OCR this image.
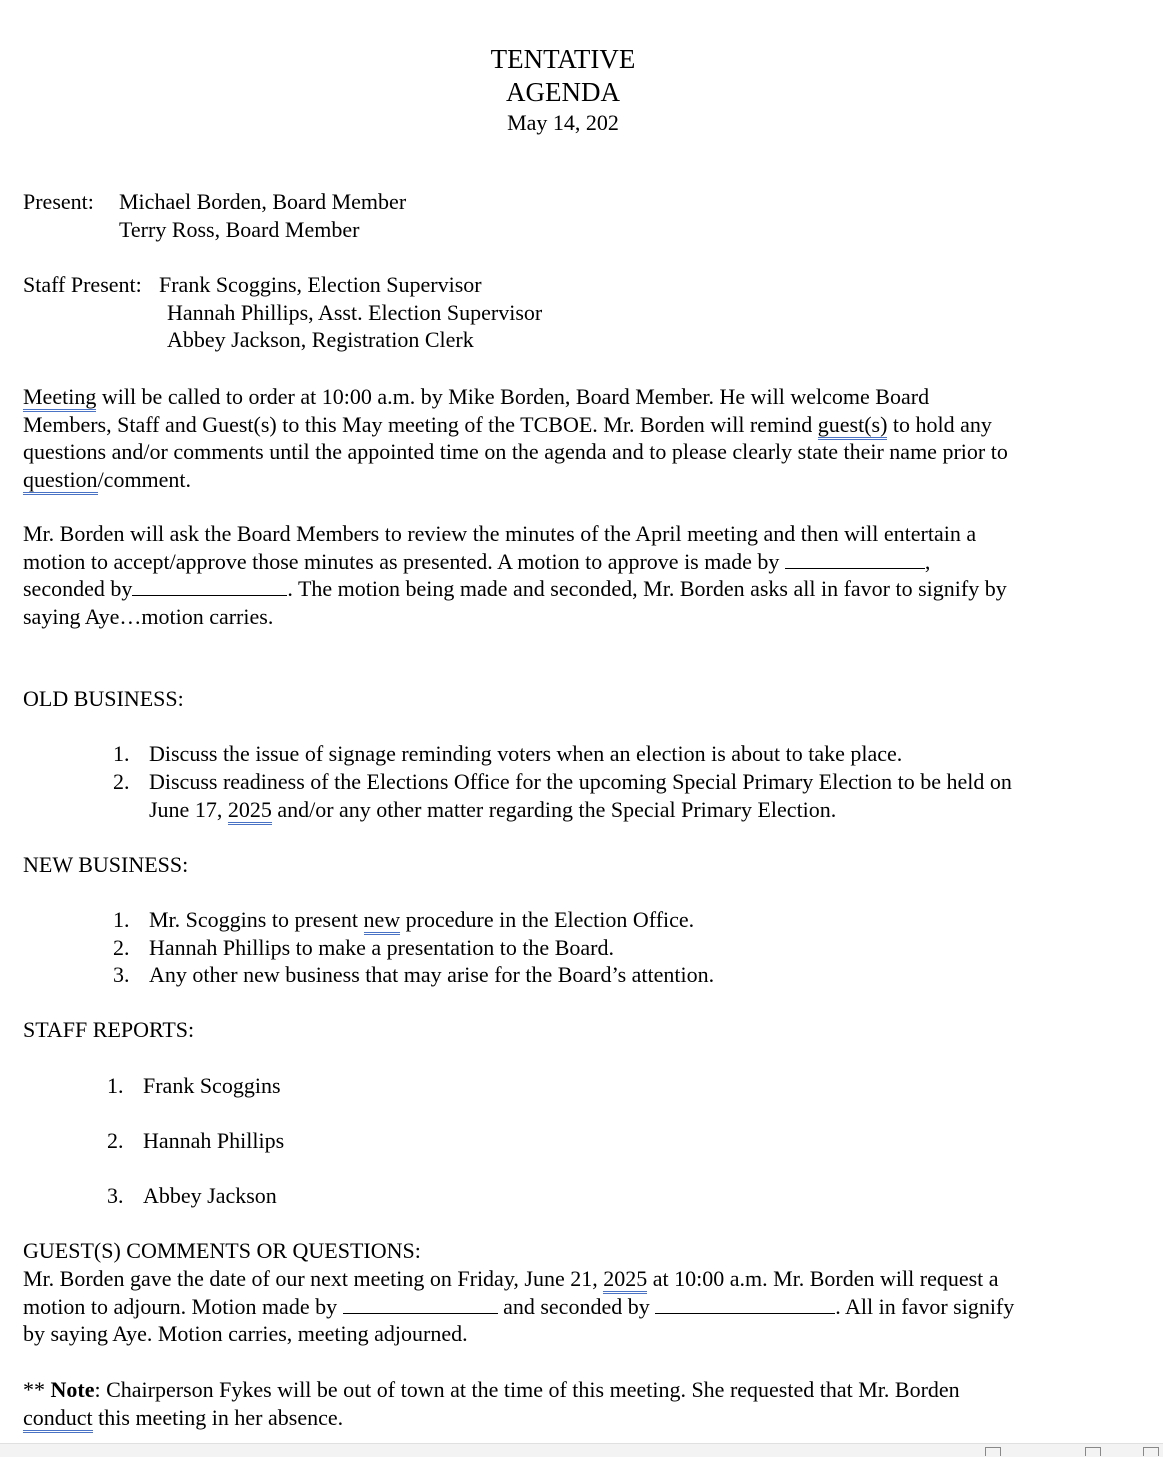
TENTATIVE
AGENDA
May 14, 202
Present: Michael Borden, Board Member
Terry Ross, Board Member
Staff Present: Frank Scoggins, Election Supervisor
Hannah Phillips, Asst. Election Supervisor
Abbey Jackson, Registration Clerk
Meeting will be called to order at 10:00 a.m. by Mike Borden, Board Member. He will welcome Board
Members, Staff and Guest(s) to this May meeting of the TCBOE. Mr. Borden will remind guest(s) to hold any
questions and/or comments until the appointed time on the agenda and to please clearly state their name prior to
question/comment.
Mr. Borden will ask the Board Members to review the minutes of the April meeting and then will entertain a
motion to accept/approve those minutes as presented. A motion to approve is made by	,
seconded by	. The motion being made and seconded, Mr. Borden asks all in favor to signify by
saying Aye…motion carries.
OLD BUSINESS:
1. Discuss the issue of signage reminding voters when an election is about to take place.
2. Discuss readiness of the Elections Office for the upcoming Special Primary Election to be held on
June 17, 2025 and/or any other matter regarding the Special Primary Election.
NEW BUSINESS:
1. Mr. Scoggins to present new procedure in the Election Office.
2. Hannah Phillips to make a presentation to the Board.
3. Any other new business that may arise for the Board’s attention.
STAFF REPORTS:
1. Frank Scoggins
2. Hannah Phillips
3. Abbey Jackson
GUEST(S) COMMENTS OR QUESTIONS:
Mr. Borden gave the date of our next meeting on Friday, June 21, 2025 at 10:00 a.m. Mr. Borden will request a
motion to adjourn. Motion made by	and seconded by	. All in favor signify
by saying Aye. Motion carries, meeting adjourned.
** Note: Chairperson Fykes will be out of town at the time of this meeting. She requested that Mr. Borden
conduct this meeting in her absence.
